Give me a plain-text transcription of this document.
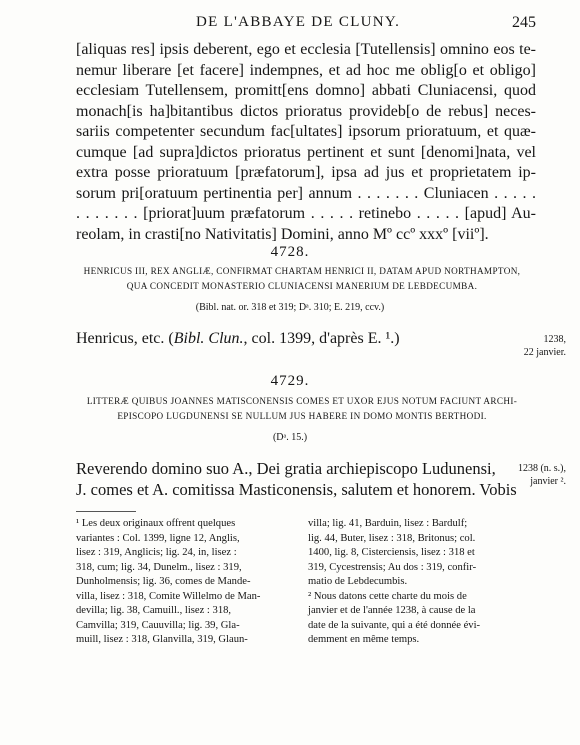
DE L'ABBAYE DE CLUNY.	245
[aliquas res] ipsis deberent, ego et ecclesia [Tutellensis] omnino eos te-
nemur liberare [et facere] indempnes, et ad hoc me oblig[o et obligo]
ecclesiam Tutellensem, promitt[ens domno] abbati Cluniacensi, quod
monach[is ha]bitantibus dictos prioratus provideb[o de rebus] neces-
sariis competenter secundum fac[ultates] ipsorum prioratuum, et quæ-
cumque [ad supra]dictos prioratus pertinent et sunt [denomi]nata, vel
extra posse prioratuum [præfatorum], ipsa ad jus et proprietatem ip-
sorum pri[oratuum pertinentia per] annum . . . . . . . Cluniacen . . . . .
. . . . . . . [priorat]uum præfatorum . . . . . retinebo . . . . . [apud] Au-
reolam, in crasti[no Nativitatis] Domini, anno Mº ccº xxxº [viiº].
4728.
HENRICUS III, REX ANGLIÆ, CONFIRMAT CHARTAM HENRICI II, DATAM APUD NORTHAMPTON,
QUA CONCEDIT MONASTERIO CLUNIACENSI MANERIUM DE LEBDECUMBA.
(Bibl. nat. or. 318 et 319; Dᵃ. 310; E. 219, ccv.)
Henricus, etc. (Bibl. Clun., col. 1399, d'après E. ¹.)	1238,
22 janvier.
4729.
LITTERÆ QUIBUS JOANNES MATISCONENSIS COMES ET UXOR EJUS NOTUM FACIUNT ARCHI-
EPISCOPO LUGDUNENSI SE NULLUM JUS HABERE IN DOMO MONTIS BERTHODI.
(Dᵃ. 15.)
Reverendo domino suo A., Dei gratia archiepiscopo Ludunensi,
J. comes et A. comitissa Masticonensis, salutem et honorem. Vobis
1238 (n. s.),
janvier ².
¹ Les deux originaux offrent quelques
variantes : Col. 1399, ligne 12, Anglis,
lisez : 319, Anglicis; lig. 24, in, lisez :
318, cum; lig. 34, Dunelm., lisez : 319,
Dunholmensis; lig. 36, comes de Mande-
villa, lisez : 318, Comite Willelmo de Man-
devilla; lig. 38, Camuill., lisez : 318,
Camvilla; 319, Cauuvilla; lig. 39, Gla-
muill, lisez : 318, Glanvilla, 319, Glaun-
villa; lig. 41, Barduin, lisez : Bardulf;
lig. 44, Buter, lisez : 318, Britonus; col.
1400, lig. 8, Cisterciensis, lisez : 318 et
319, Cycestrensis; Au dos : 319, confir-
matio de Lebdecumbis.
² Nous datons cette charte du mois de
janvier et de l'année 1238, à cause de la
date de la suivante, qui a été donnée évi-
demment en même temps.
